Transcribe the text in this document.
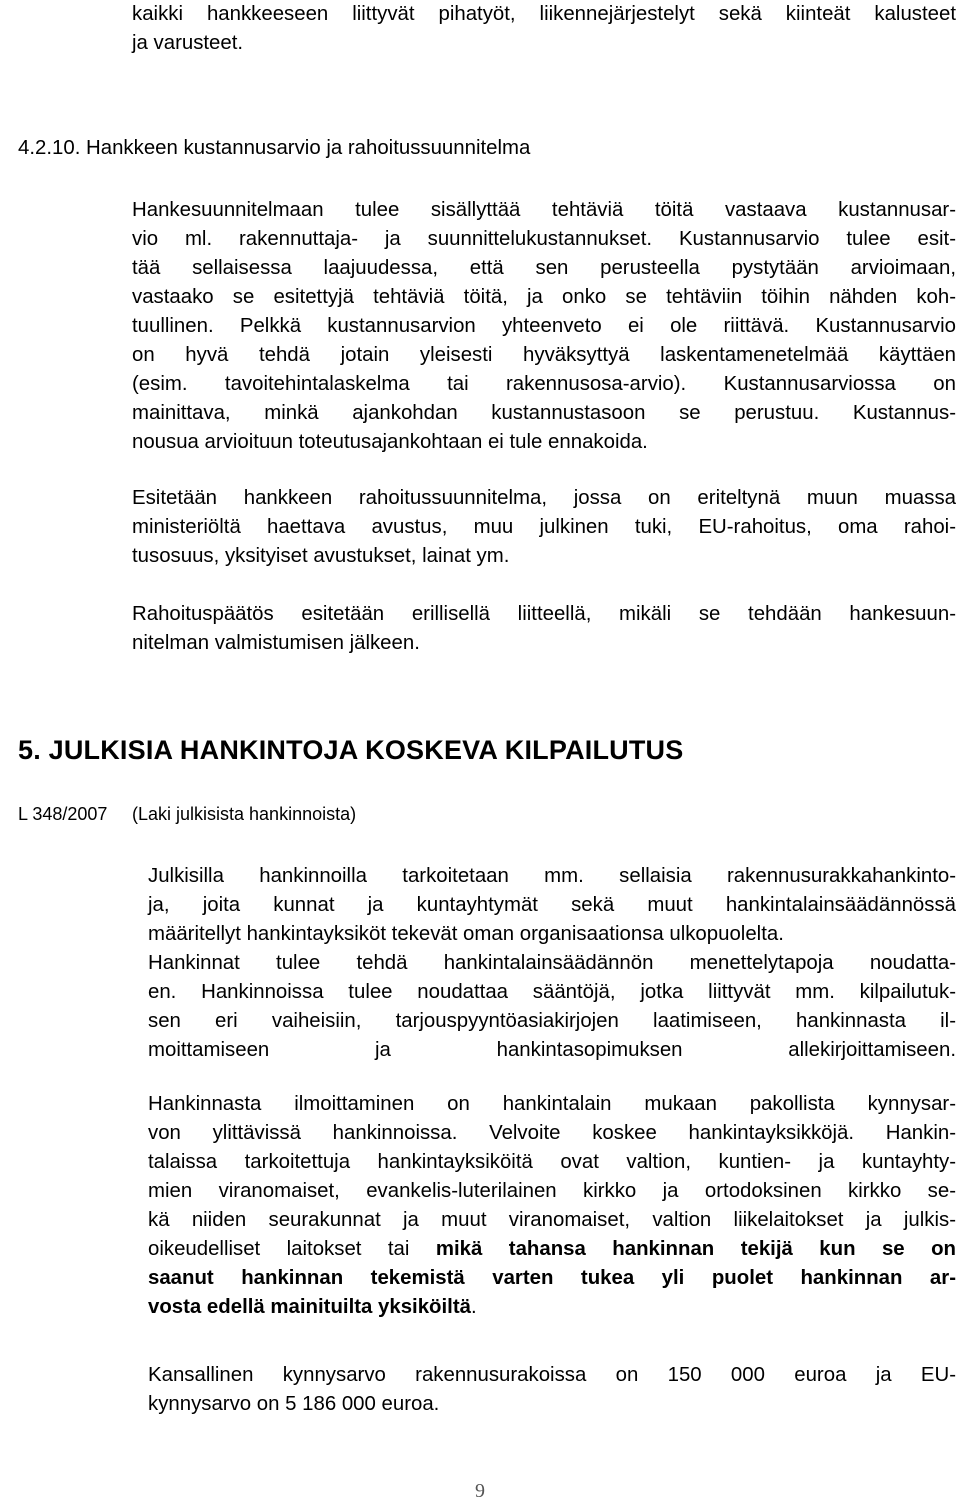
kaikki hankkeeseen liittyvät pihatyöt, liikennejärjestelyt sekä kiinteät kalusteet
ja varusteet.
4.2.10. Hankkeen kustannusarvio ja rahoitussuunnitelma
Hankesuunnitelmaan tulee sisällyttää tehtäviä töitä vastaava kustannusar-
vio ml. rakennuttaja- ja suunnittelukustannukset. Kustannusarvio tulee esit-
tää sellaisessa laajuudessa, että sen perusteella pystytään arvioimaan,
vastaako se esitettyjä tehtäviä töitä, ja onko se tehtäviin töihin nähden koh-
tuullinen. Pelkkä kustannusarvion yhteenveto ei ole riittävä. Kustannusarvio
on hyvä tehdä jotain yleisesti hyväksyttyä laskentamenetelmää käyttäen
(esim. tavoitehintalaskelma tai rakennusosa-arvio). Kustannusarviossa on
mainittava, minkä ajankohdan kustannustasoon se perustuu. Kustannus-
nousua arvioituun toteutusajankohtaan ei tule ennakoida.
Esitetään hankkeen rahoitussuunnitelma, jossa on eriteltynä muun muassa
ministeriöltä haettava avustus, muu julkinen tuki, EU-rahoitus, oma rahoi-
tusosuus, yksityiset avustukset, lainat ym.
Rahoituspäätös esitetään erillisellä liitteellä, mikäli se tehdään hankesuun-
nitelman valmistumisen jälkeen.
5. JULKISIA HANKINTOJA KOSKEVA KILPAILUTUS
L 348/2007 (Laki julkisista hankinnoista)
Julkisilla hankinnoilla tarkoitetaan mm. sellaisia rakennusurakkahankinto-
ja, joita kunnat ja kuntayhtymät sekä muut hankintalainsäädännössä
määritellyt hankintayksiköt tekevät oman organisaationsa ulkopuolelta.
Hankinnat tulee tehdä hankintalainsäädännön menettelytapoja noudatta-
en. Hankinnoissa tulee noudattaa sääntöjä, jotka liittyvät mm. kilpailutuk-
sen eri vaiheisiin, tarjouspyyntöasiakirjojen laatimiseen, hankinnasta il-
moittamiseen ja hankintasopimuksen allekirjoittamiseen.
Hankinnasta ilmoittaminen on hankintalain mukaan pakollista kynnysar-
von ylittävissä hankinnoissa. Velvoite koskee hankintayksikköjä. Hankin-
talaissa tarkoitettuja hankintayksiköitä ovat valtion, kuntien- ja kuntayhty-
mien viranomaiset, evankelis-luterilainen kirkko ja ortodoksinen kirkko se-
kä niiden seurakunnat ja muut viranomaiset, valtion liikelaitokset ja julkis-
oikeudelliset laitokset tai mikä tahansa hankinnan tekijä kun se on
saanut hankinnan tekemistä varten tukea yli puolet hankinnan ar-
vosta edellä mainituilta yksiköiltä.
Kansallinen kynnysarvo rakennusurakoissa on 150 000 euroa ja EU-
kynnysarvo on 5 186 000 euroa.
9
